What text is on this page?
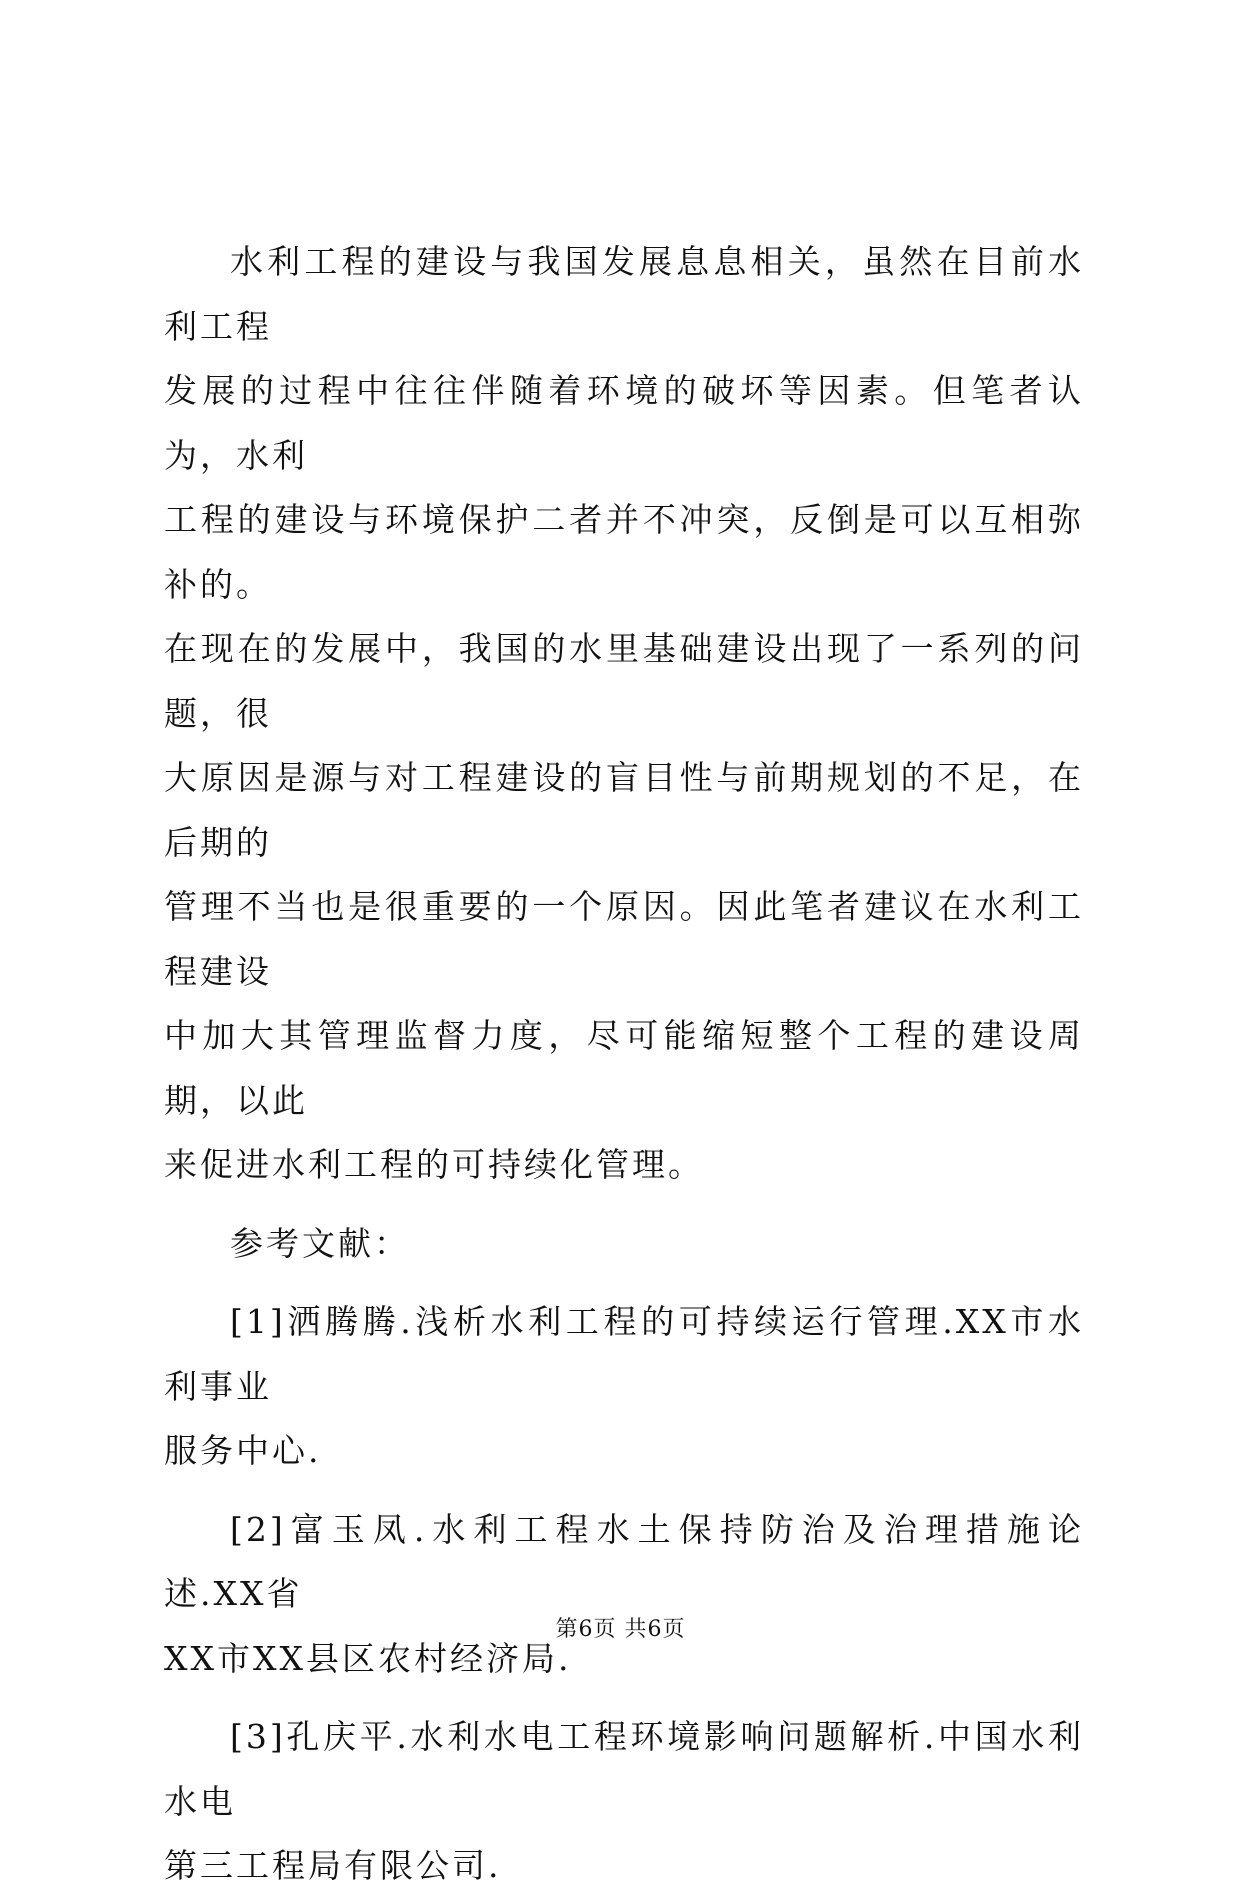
水利工程的建设与我国发展息息相关，虽然在目前水利工程
发展的过程中往往伴随着环境的破坏等因素。但笔者认为，水利
工程的建设与环境保护二者并不冲突，反倒是可以互相弥补的。
在现在的发展中，我国的水里基础建设出现了一系列的问题，很
大原因是源与对工程建设的盲目性与前期规划的不足，在后期的
管理不当也是很重要的一个原因。因此笔者建议在水利工程建设
中加大其管理监督力度，尽可能缩短整个工程的建设周期，以此
来促进水利工程的可持续化管理。

参考文献：

[1]洒腾腾.浅析水利工程的可持续运行管理.XX市水利事业
服务中心.

[2]富玉凤.水利工程水土保持防治及治理措施论述.XX省
XX市XX县区农村经济局.

[3]孔庆平.水利水电工程环境影响问题解析.中国水利水电
第三工程局有限公司.

第6页 共6页
